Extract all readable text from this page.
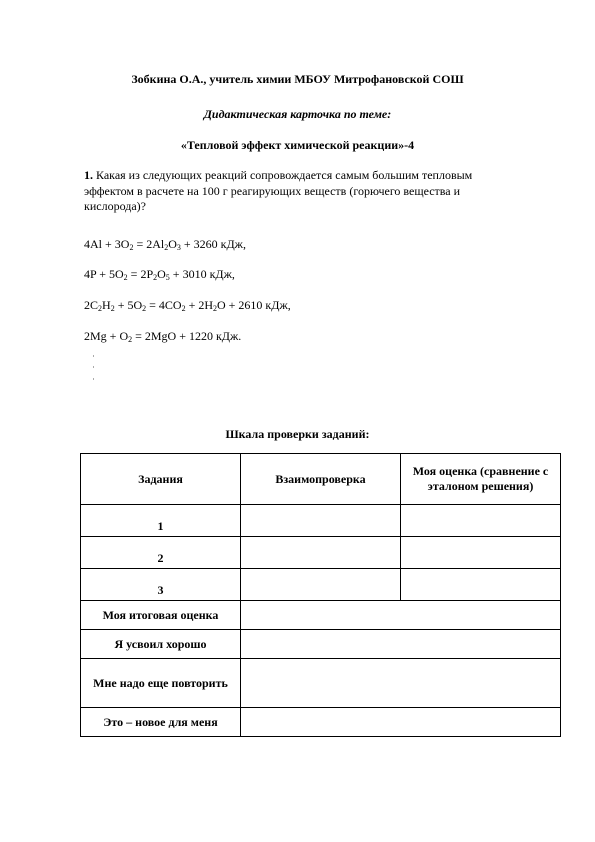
Зобкина О.А., учитель химии МБОУ Митрофановской СОШ
Дидактическая карточка по теме:
«Тепловой эффект химической реакции»-4
1. Какая из следующих реакций сопровождается самым большим тепловым эффектом в расчете на 100 г реагирующих веществ (горючего вещества и кислорода)?
$4Al + 3O_2 = 2Al_2O_3 + 3260$ кДж,
$4P + 5O_2 = 2P_2O_5 + 3010$ кДж,
$2C_2H_2 + 5O_2 = 4CO_2 + 2H_2O + 2610$ кДж,
$2Mg + O_2 = 2MgO + 1220$ кДж.
Шкала проверки заданий:
Задания	Взаимопроверка	Моя оценка (сравнение с эталоном решения)
1		
2		
3		
Моя итоговая оценка		
Я усвоил хорошо		
Мне надо еще повторить		
Это – новое для меня		
